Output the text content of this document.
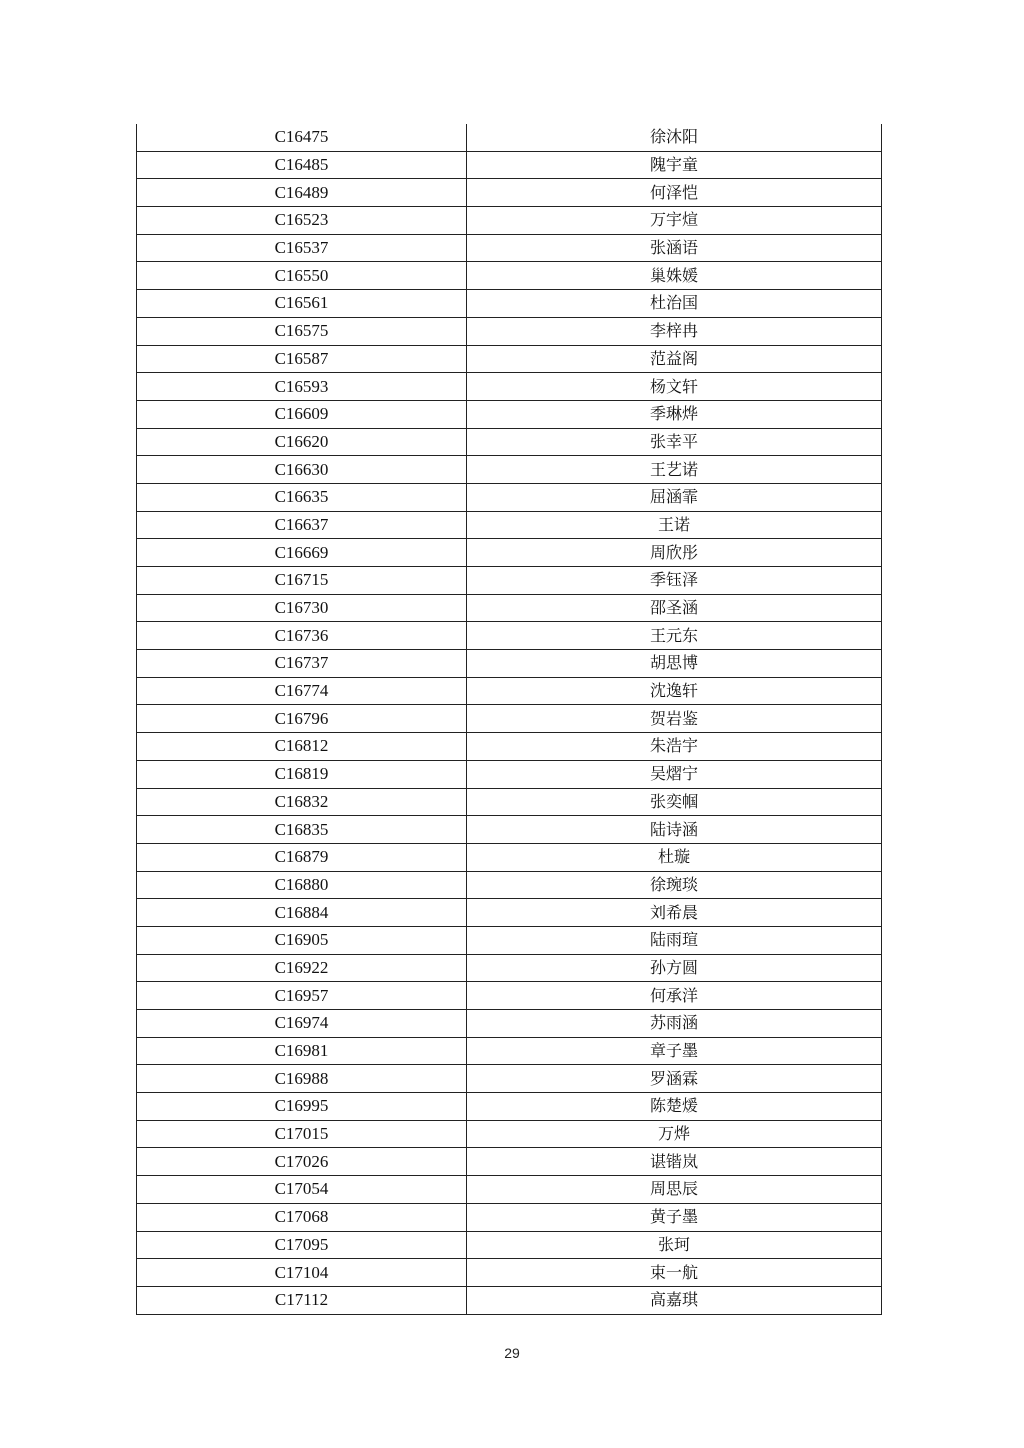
C16475	徐沐阳
C16485	隗宇童
C16489	何泽恺
C16523	万宇煊
C16537	张涵语
C16550	巢姝媛
C16561	杜治国
C16575	李梓冉
C16587	范益阁
C16593	杨文轩
C16609	季琳烨
C16620	张幸平
C16630	王艺诺
C16635	屈涵霏
C16637	王诺
C16669	周欣彤
C16715	季钰泽
C16730	邵圣涵
C16736	王元东
C16737	胡思博
C16774	沈逸轩
C16796	贺岩鉴
C16812	朱浩宇
C16819	吴熠宁
C16832	张奕帼
C16835	陆诗涵
C16879	杜璇
C16880	徐琬琰
C16884	刘希晨
C16905	陆雨瑄
C16922	孙方圆
C16957	何承洋
C16974	苏雨涵
C16981	章子墨
C16988	罗涵霖
C16995	陈楚煖
C17015	万烨
C17026	谌锴岚
C17054	周思辰
C17068	黄子墨
C17095	张珂
C17104	束一航
C17112	高嘉琪
29
